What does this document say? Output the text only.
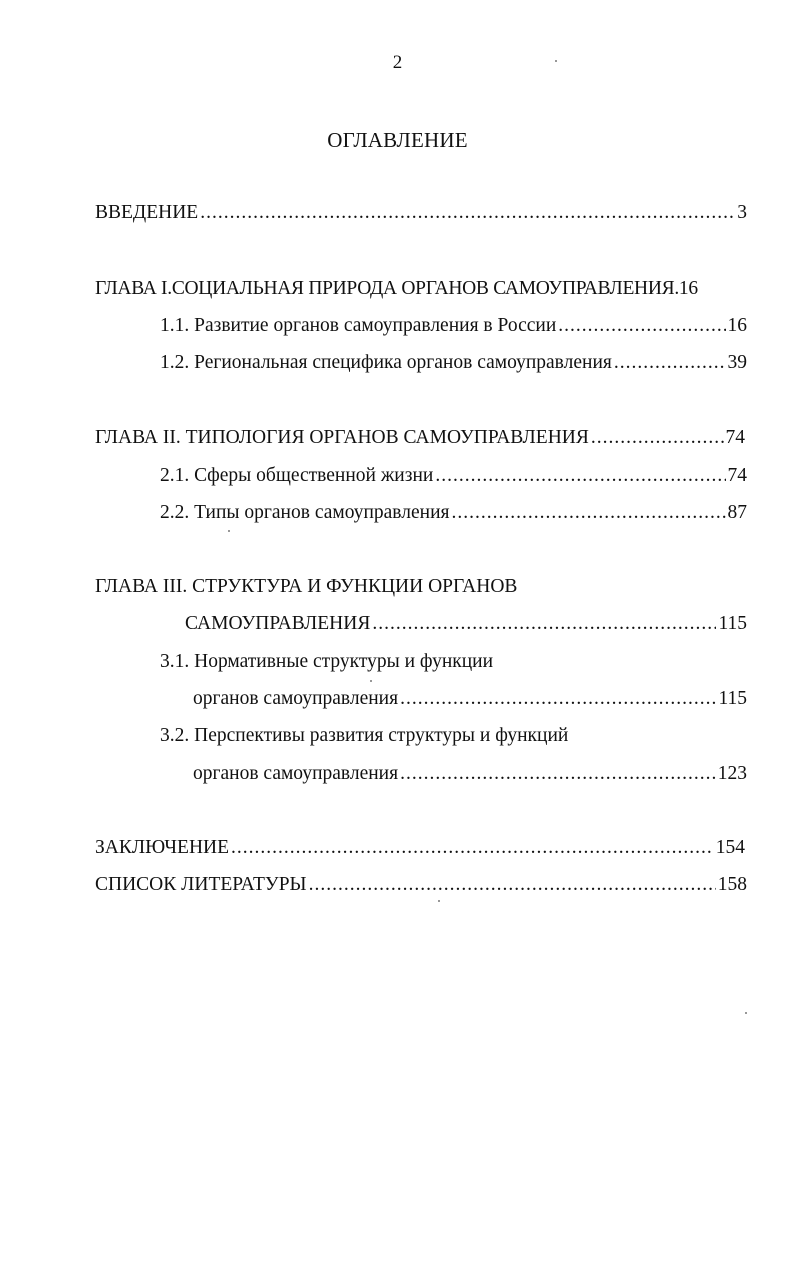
2
ОГЛАВЛЕНИЕ
ВВЕДЕНИЕ .....	3
ГЛАВА I.СОЦИАЛЬНАЯ ПРИРОДА ОРГАНОВ САМОУПРАВЛЕНИЯ.16
1.1. Развитие органов самоуправления в России .....	16
1.2. Региональная специфика органов самоуправления .....	39
ГЛАВА II. ТИПОЛОГИЯ ОРГАНОВ САМОУПРАВЛЕНИЯ .....	74
2.1. Сферы общественной жизни .....	74
2.2. Типы органов самоуправления .....	87
ГЛАВА III. СТРУКТУРА И ФУНКЦИИ ОРГАНОВ
САМОУПРАВЛЕНИЯ .....	115
3.1. Нормативные структуры и функции
органов самоуправления .....	115
3.2. Перспективы развития структуры и функций
органов самоуправления .....	123
ЗАКЛЮЧЕНИЕ .....	154
СПИСОК ЛИТЕРАТУРЫ .....	158
